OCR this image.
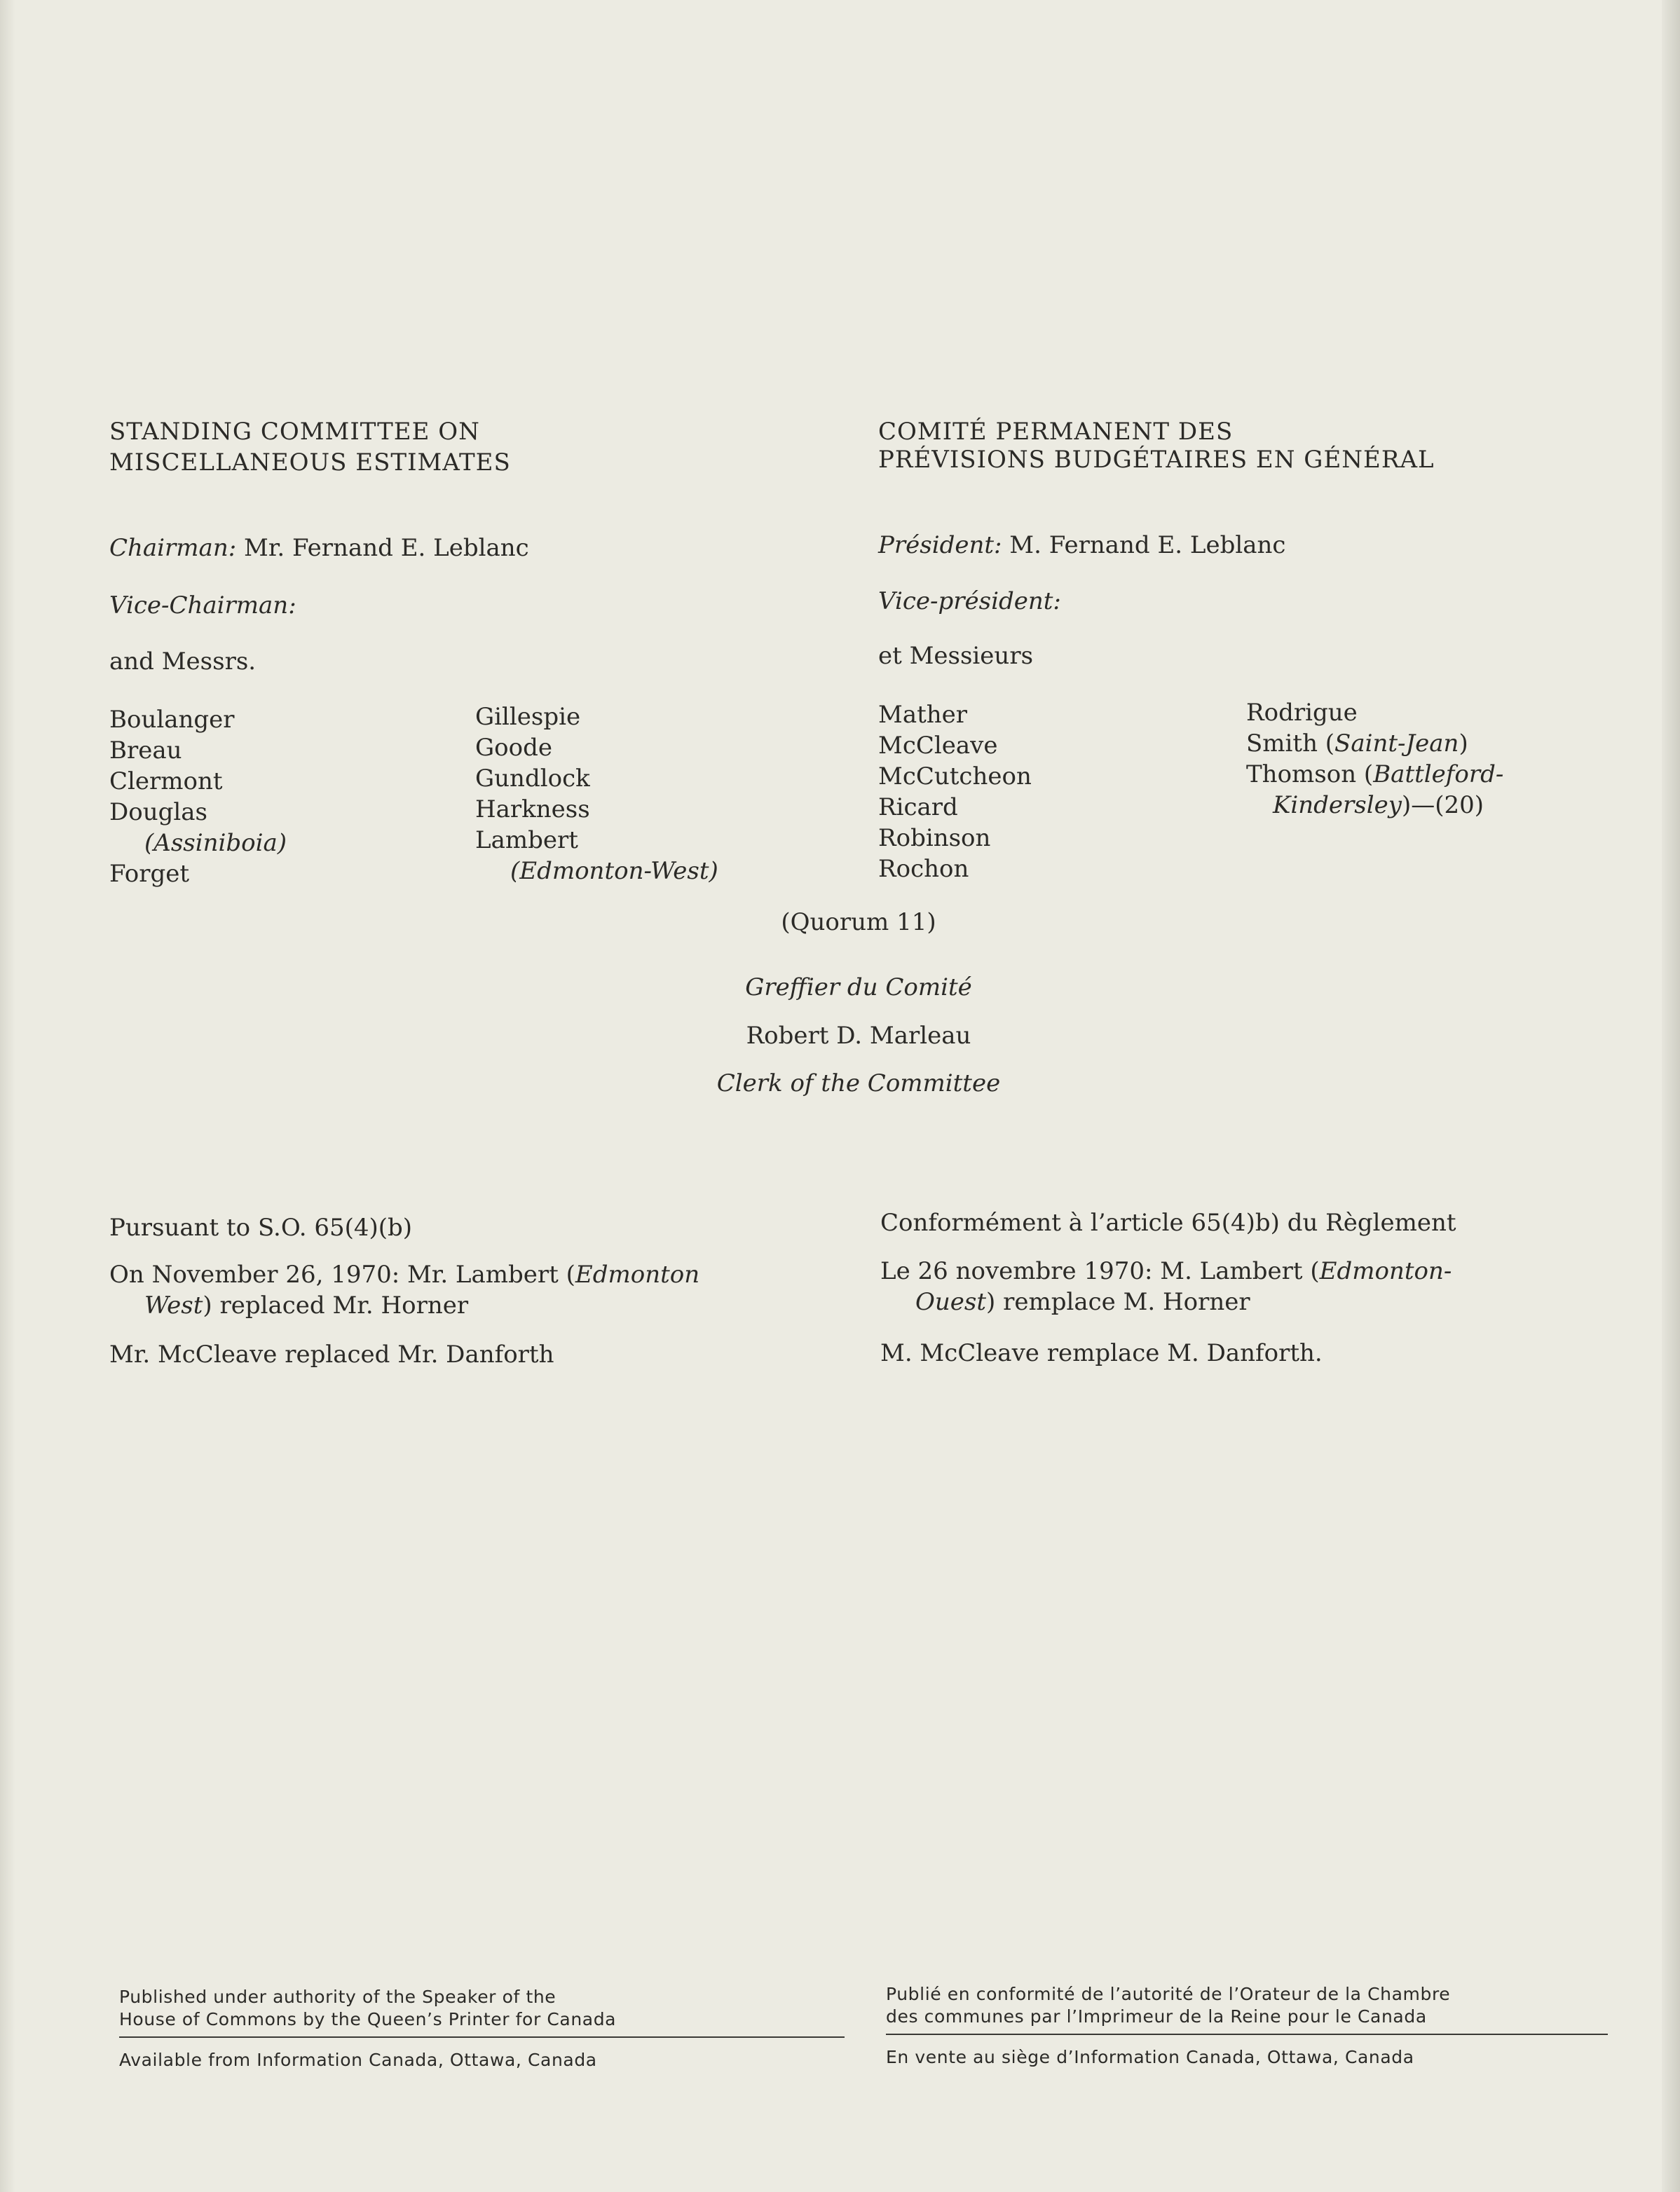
STANDING COMMITTEE ON
MISCELLANEOUS ESTIMATES
Chairman: Mr. Fernand E. Leblanc
Vice-Chairman:
and Messrs.
Boulanger
Breau
Clermont
Douglas
(Assiniboia)
Forget
Gillespie
Goode
Gundlock
Harkness
Lambert
(Edmonton-West)
COMITÉ PERMANENT DES
PRÉVISIONS BUDGÉTAIRES EN GÉNÉRAL
Président: M. Fernand E. Leblanc
Vice-président:
et Messieurs
Mather
McCleave
McCutcheon
Ricard
Robinson
Rochon
Rodrigue
Smith (Saint-Jean)
Thomson (Battleford-
Kindersley)—(20)
(Quorum 11)
Greffier du Comité
Robert D. Marleau
Clerk of the Committee
Pursuant to S.O. 65(4)(b)
On November 26, 1970: Mr. Lambert (Edmonton
West) replaced Mr. Horner
Mr. McCleave replaced Mr. Danforth
Conformément à l’article 65(4)b) du Règlement
Le 26 novembre 1970: M. Lambert (Edmonton-
Ouest) remplace M. Horner
M. McCleave remplace M. Danforth.
Published under authority of the Speaker of the
House of Commons by the Queen’s Printer for Canada
Available from Information Canada, Ottawa, Canada
Publié en conformité de l’autorité de l’Orateur de la Chambre
des communes par l’Imprimeur de la Reine pour le Canada
En vente au siège d’Information Canada, Ottawa, Canada
